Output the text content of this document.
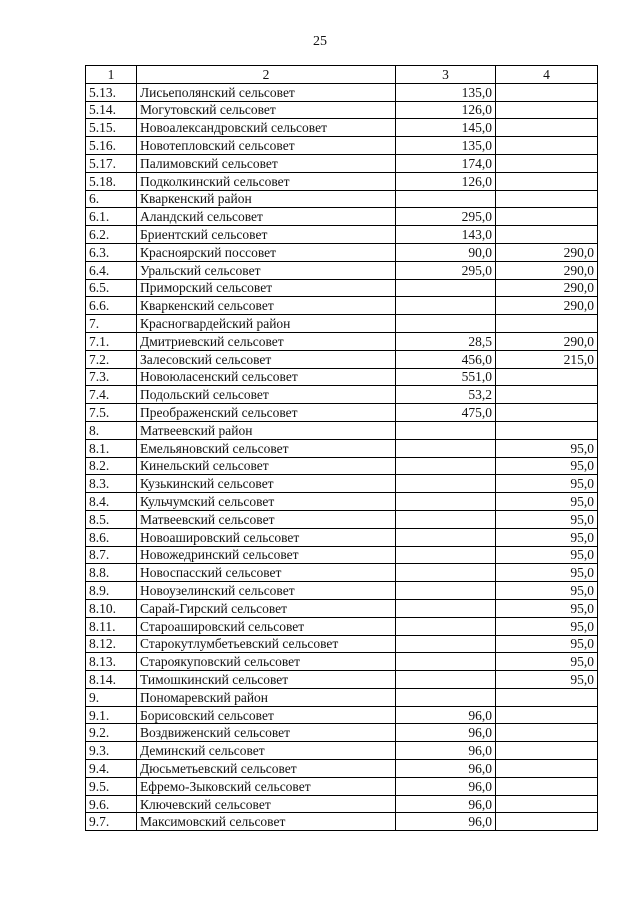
25
1	2	3	4
5.13.	Лисьеполянский сельсовет	135,0	
5.14.	Могутовский сельсовет	126,0	
5.15.	Новоалександровский сельсовет	145,0	
5.16.	Новотепловский сельсовет	135,0	
5.17.	Палимовский сельсовет	174,0	
5.18.	Подколкинский сельсовет	126,0	
6.	Кваркенский район		
6.1.	Аландский сельсовет	295,0	
6.2.	Бриентский сельсовет	143,0	
6.3.	Красноярский поссовет	90,0	290,0
6.4.	Уральский сельсовет	295,0	290,0
6.5.	Приморский сельсовет		290,0
6.6.	Кваркенский сельсовет		290,0
7.	Красногвардейский район		
7.1.	Дмитриевский сельсовет	28,5	290,0
7.2.	Залесовский сельсовет	456,0	215,0
7.3.	Новоюласенский сельсовет	551,0	
7.4.	Подольский сельсовет	53,2	
7.5.	Преображенский сельсовет	475,0	
8.	Матвеевский район		
8.1.	Емельяновский сельсовет		95,0
8.2.	Кинельский сельсовет		95,0
8.3.	Кузькинский сельсовет		95,0
8.4.	Кульчумский сельсовет		95,0
8.5.	Матвеевский сельсовет		95,0
8.6.	Новоашировский сельсовет		95,0
8.7.	Новожедринский сельсовет		95,0
8.8.	Новоспасский сельсовет		95,0
8.9.	Новоузелинский сельсовет		95,0
8.10.	Сарай-Гирский сельсовет		95,0
8.11.	Староашировский сельсовет		95,0
8.12.	Старокутлумбетьевский сельсовет		95,0
8.13.	Староякуповский сельсовет		95,0
8.14.	Тимошкинский сельсовет		95,0
9.	Пономаревский район		
9.1.	Борисовский сельсовет	96,0	
9.2.	Воздвиженский сельсовет	96,0	
9.3.	Деминский сельсовет	96,0	
9.4.	Дюсьметьевский сельсовет	96,0	
9.5.	Ефремо-Зыковский сельсовет	96,0	
9.6.	Ключевский сельсовет	96,0	
9.7.	Максимовский сельсовет	96,0	
